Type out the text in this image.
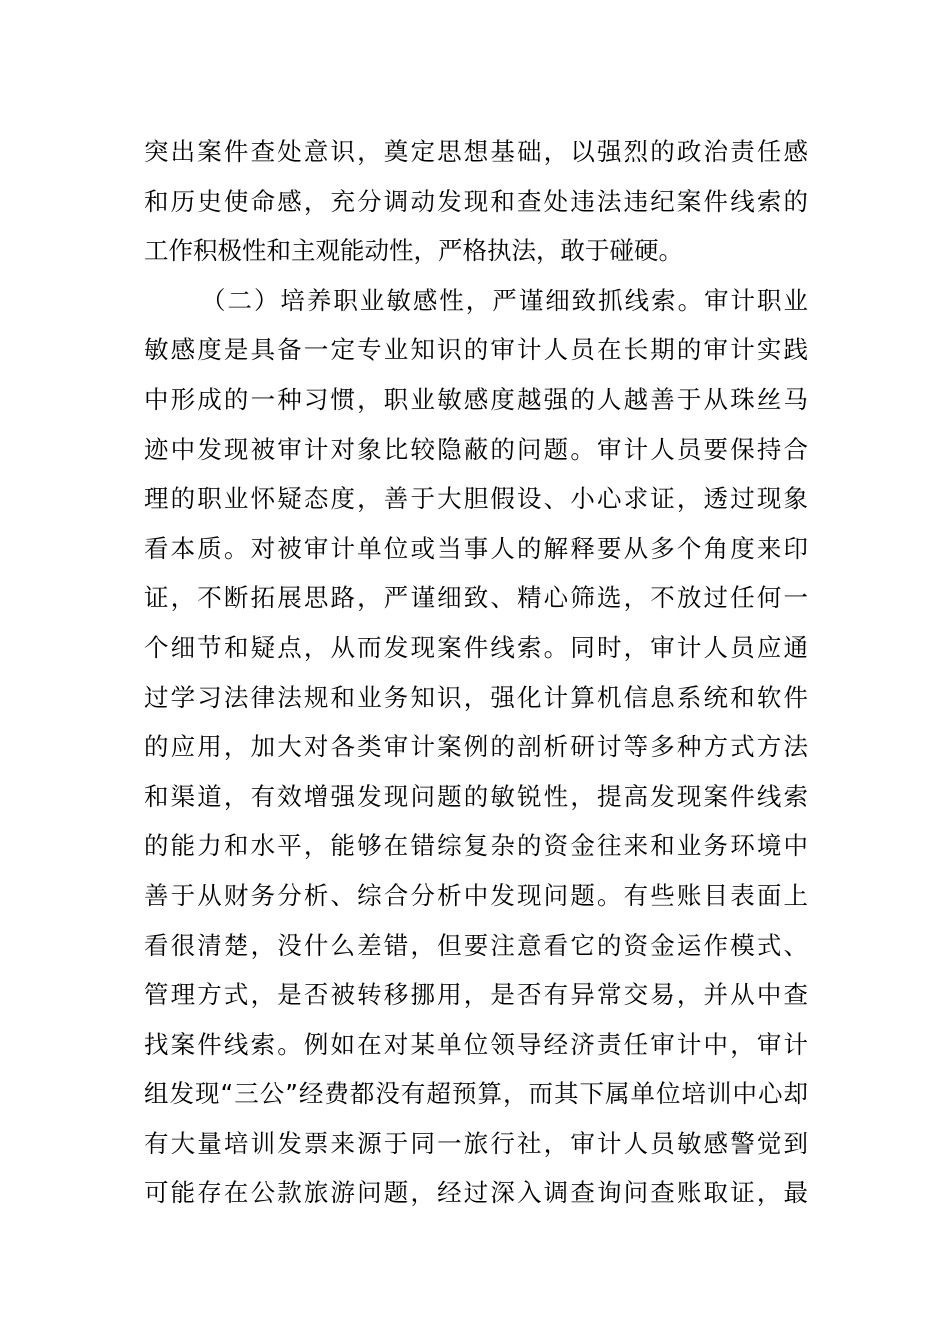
突出案件查处意识，奠定思想基础，以强烈的政治责任感
和历史使命感，充分调动发现和查处违法违纪案件线索的
工作积极性和主观能动性，严格执法，敢于碰硬。
（二）培养职业敏感性，严谨细致抓线索。审计职业
敏感度是具备一定专业知识的审计人员在长期的审计实践
中形成的一种习惯，职业敏感度越强的人越善于从珠丝马
迹中发现被审计对象比较隐蔽的问题。审计人员要保持合
理的职业怀疑态度，善于大胆假设、小心求证，透过现象
看本质。对被审计单位或当事人的解释要从多个角度来印
证，不断拓展思路，严谨细致、精心筛选，不放过任何一
个细节和疑点，从而发现案件线索。同时，审计人员应通
过学习法律法规和业务知识，强化计算机信息系统和软件
的应用，加大对各类审计案例的剖析研讨等多种方式方法
和渠道，有效增强发现问题的敏锐性，提高发现案件线索
的能力和水平，能够在错综复杂的资金往来和业务环境中
善于从财务分析、综合分析中发现问题。有些账目表面上
看很清楚，没什么差错，但要注意看它的资金运作模式、
管理方式，是否被转移挪用，是否有异常交易，并从中查
找案件线索。例如在对某单位领导经济责任审计中，审计
组发现“三公”经费都没有超预算，而其下属单位培训中心却
有大量培训发票来源于同一旅行社，审计人员敏感警觉到
可能存在公款旅游问题，经过深入调查询问查账取证，最
